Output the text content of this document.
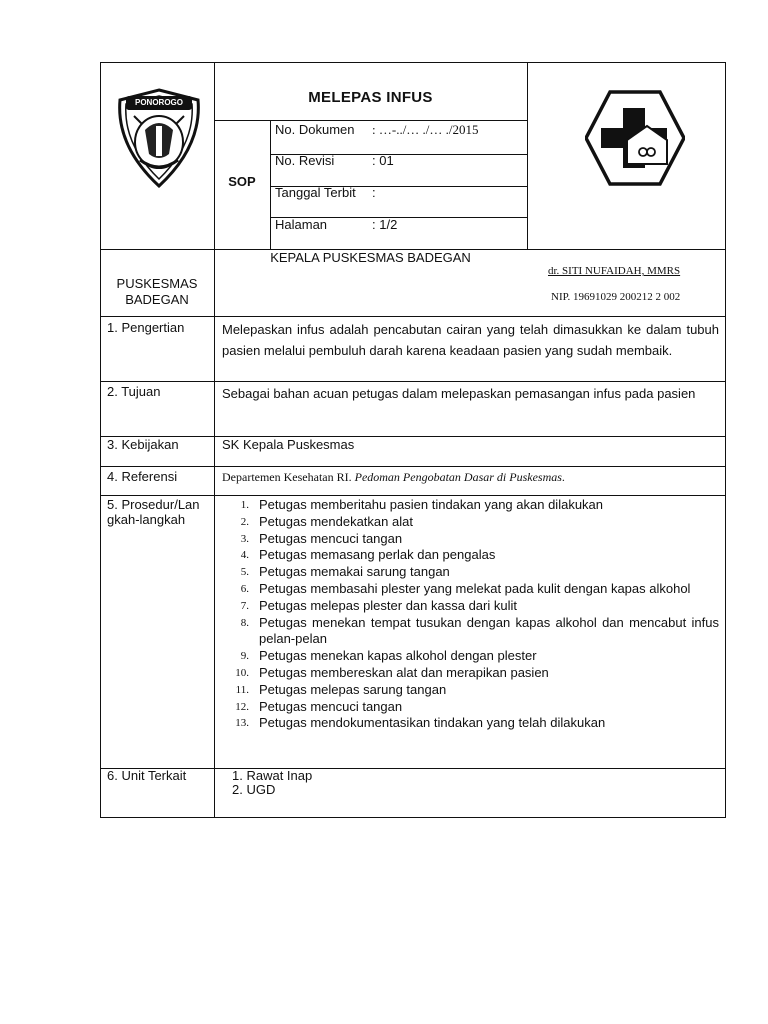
PONOROGO	MELEPAS INFUS
SOP
No. Dokumen : …-../… ./… ./2015
No. Revisi	: 01
Tanggal Terbit :
Halaman	: 1/2
PUSKESMAS BADEGAN
KEPALA PUSKESMAS BADEGAN
dr. SITI NUFAIDAH, MMRS
NIP. 19691029 200212 2 002
1. Pengertian	Melepaskan infus adalah pencabutan cairan yang telah dimasukkan ke dalam tubuh pasien melalui pembuluh darah karena keadaan pasien yang sudah membaik.
2. Tujuan	Sebagai bahan acuan petugas dalam melepaskan pemasangan infus pada pasien
3. Kebijakan	SK Kepala Puskesmas
4. Referensi	Departemen Kesehatan RI. Pedoman Pengobatan Dasar di Puskesmas.
5. Prosedur/Lan gkah-langkah
1. Petugas memberitahu pasien tindakan yang akan dilakukan
2. Petugas mendekatkan alat
3. Petugas mencuci tangan
4. Petugas memasang perlak dan pengalas
5. Petugas memakai sarung tangan
6. Petugas membasahi plester yang melekat pada kulit dengan kapas alkohol
7. Petugas melepas plester dan kassa dari kulit
8. Petugas menekan tempat tusukan dengan kapas alkohol dan mencabut infus pelan-pelan
9. Petugas menekan kapas alkohol dengan plester
10. Petugas membereskan alat dan merapikan pasien
11. Petugas melepas sarung tangan
12. Petugas mencuci tangan
13. Petugas mendokumentasikan tindakan yang telah dilakukan
6. Unit Terkait	1. Rawat Inap
2. UGD
